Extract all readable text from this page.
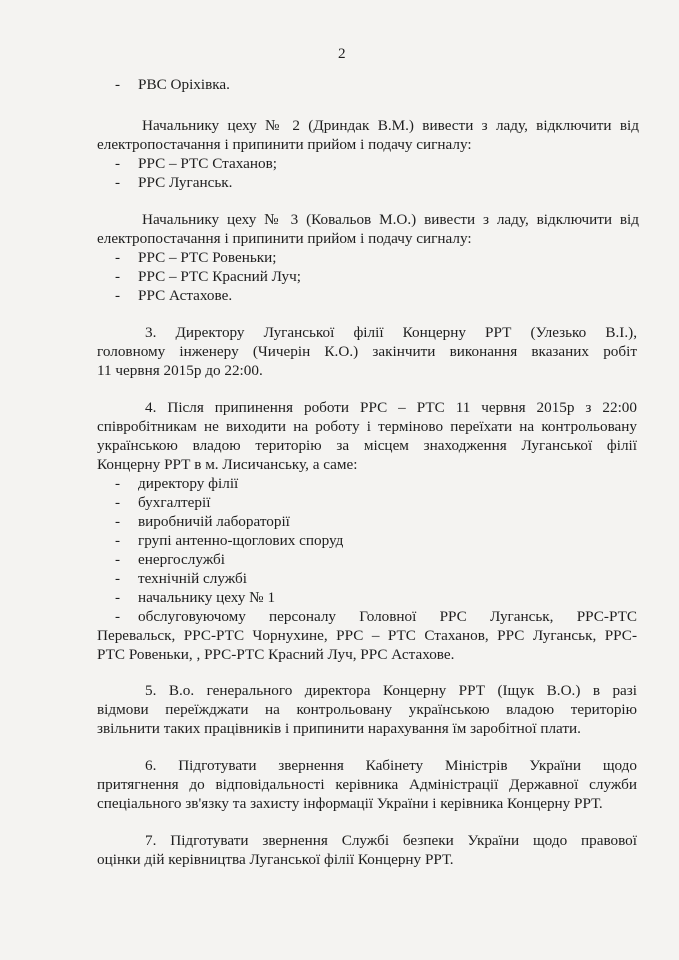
2
- РВС Оріхівка.
Начальнику цеху № 2 (Дриндак В.М.) вивести з ладу, відключити від
електропостачання і припинити прийом і подачу сигналу:
- РРС – РТС Стаханов;
- РРС Луганськ.
Начальнику цеху № 3 (Ковальов М.О.) вивести з ладу, відключити від
електропостачання і припинити прийом і подачу сигналу:
- РРС – РТС Ровеньки;
- РРС – РТС Красний Луч;
- РРС Астахове.
3. Директору Луганської філії Концерну РРТ (Улезько В.І.),
головному інженеру (Чичерін К.О.) закінчити виконання вказаних робіт
11 червня 2015р до 22:00.
4. Після припинення роботи РРС – РТС 11 червня 2015р з 22:00
співробітникам не виходити на роботу і терміново переїхати на контрольовану
українською владою територію за місцем знаходження Луганської філії
Концерну РРТ в м. Лисичанську, а саме:
- директору філії
- бухгалтерії
- виробничій лабораторії
- групі антенно-щоглових споруд
- енергослужбі
- технічній службі
- начальнику цеху № 1
- обслуговуючому персоналу Головної РРС Луганськ, РРС-РТС
Перевальск, РРС-РТС Чорнухине, РРС – РТС Стаханов, РРС Луганськ, РРС-
РТС Ровеньки, , РРС-РТС Красний Луч, РРС Астахове.
5. В.о. генерального директора Концерну РРТ (Іщук В.О.) в разі
відмови переїжджати на контрольовану українською владою територію
звільнити таких працівників і припинити нарахування їм заробітної плати.
6. Підготувати звернення Кабінету Міністрів України щодо
притягнення до відповідальності керівника Адміністрації Державної служби
спеціального зв'язку та захисту інформації України і керівника Концерну РРТ.
7. Підготувати звернення Службі безпеки України щодо правової
оцінки дій керівництва Луганської філії Концерну РРТ.
